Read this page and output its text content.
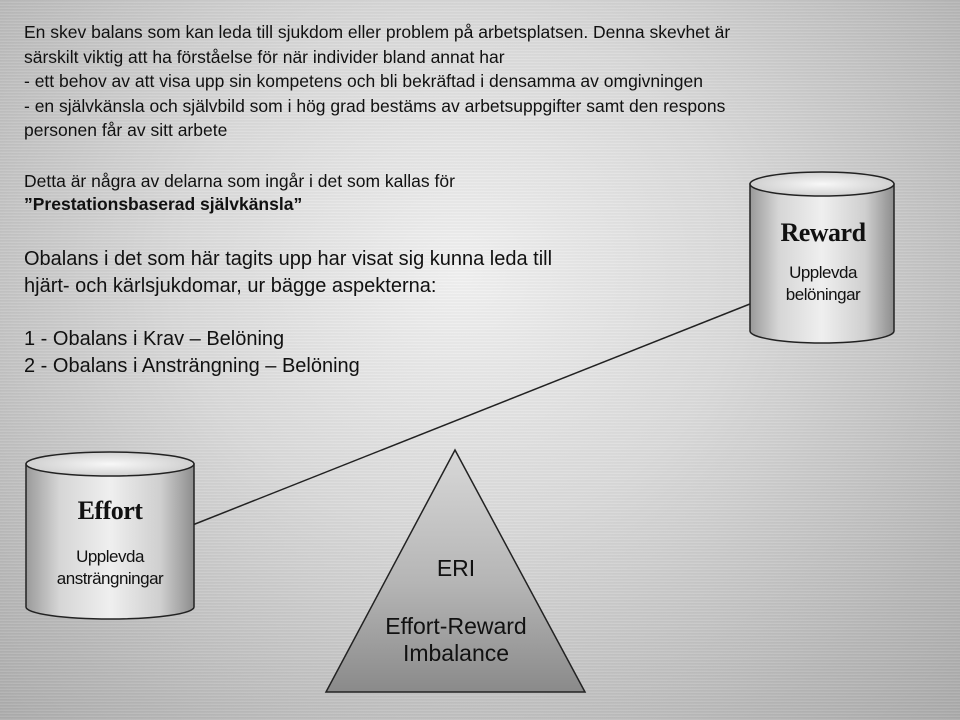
En skev balans som kan leda till sjukdom eller problem på arbetsplatsen. Denna skevhet är
särskilt viktig att ha förståelse för när individer bland annat har
- ett behov av att visa upp sin kompetens och bli bekräftad i densamma av omgivningen
- en självkänsla och självbild som i hög grad bestäms av arbetsuppgifter samt den respons
personen får av sitt arbete
Detta är några av delarna som ingår i det som kallas för
”Prestationsbaserad självkänsla”
Obalans i det som här tagits upp har visat sig kunna leda till
hjärt- och kärlsjukdomar, ur bägge aspekterna:
1 - Obalans i Krav – Belöning
2 - Obalans i Ansträngning – Belöning
Reward
Upplevda
belöningar
Effort
Upplevda
ansträngningar	ERI
Effort-Reward
Imbalance
